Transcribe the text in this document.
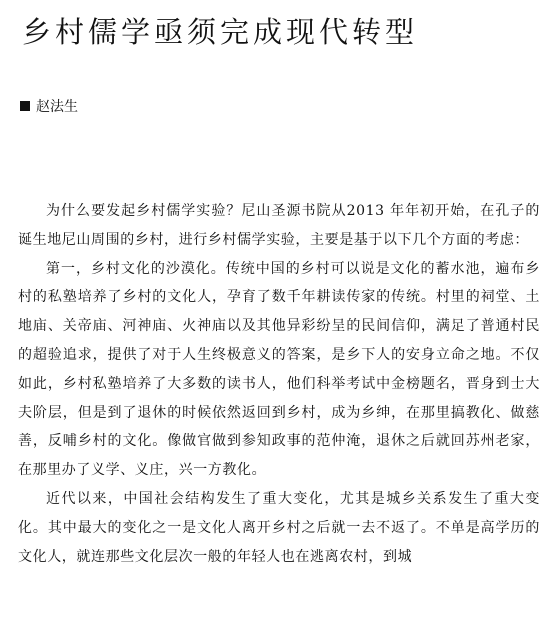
乡村儒学亟须完成现代转型
赵法生

为什么要发起乡村儒学实验？尼山圣源书院从2013 年年初开始，在孔子的诞生地尼山周围的乡村，进行乡村儒学实验，主要是基于以下几个方面的考虑：

第一，乡村文化的沙漠化。传统中国的乡村可以说是文化的蓄水池，遍布乡村的私塾培养了乡村的文化人，孕育了数千年耕读传家的传统。村里的祠堂、土地庙、关帝庙、河神庙、火神庙以及其他异彩纷呈的民间信仰，满足了普通村民的超验追求，提供了对于人生终极意义的答案，是乡下人的安身立命之地。不仅如此，乡村私塾培养了大多数的读书人，他们科举考试中金榜题名，晋身到士大夫阶层，但是到了退休的时候依然返回到乡村，成为乡绅，在那里搞教化、做慈善，反哺乡村的文化。像做官做到参知政事的范仲淹，退休之后就回苏州老家，在那里办了义学、义庄，兴一方教化。

近代以来，中国社会结构发生了重大变化，尤其是城乡关系发生了重大变化。其中最大的变化之一是文化人离开乡村之后就一去不返了。不单是高学历的文化人，就连那些文化层次一般的年轻人也在逃离农村，到城
